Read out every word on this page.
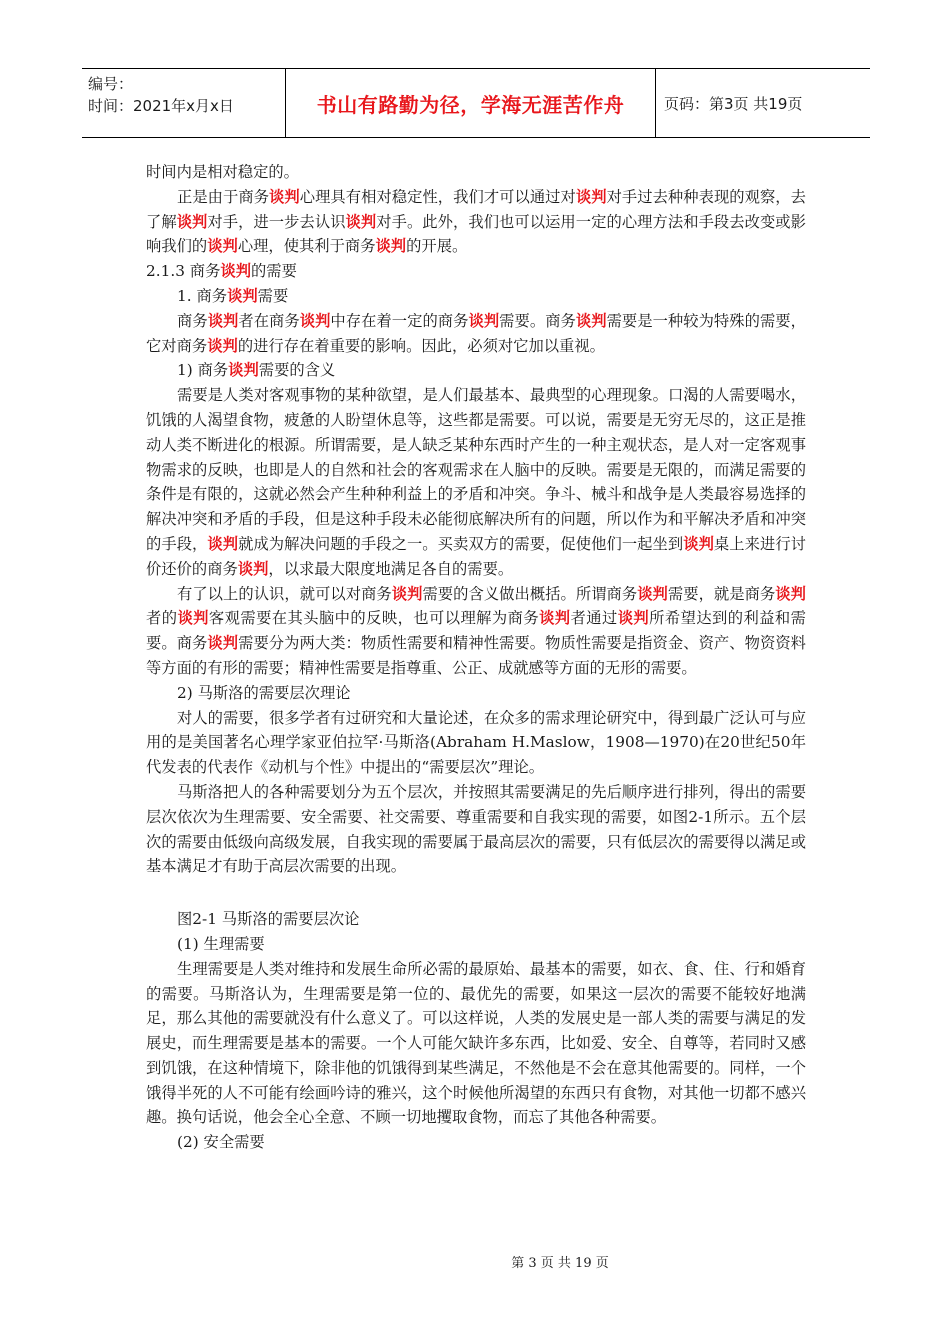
编号：
时间：2021年x月x日	书山有路勤为径，学海无涯苦作舟	页码：第3页 共19页
时间内是相对稳定的。
正是由于商务谈判心理具有相对稳定性，我们才可以通过对谈判对手过去种种表现的观察，去了解谈判对手，进一步去认识谈判对手。此外，我们也可以运用一定的心理方法和手段去改变或影响我们的谈判心理，使其利于商务谈判的开展。
2.1.3 商务谈判的需要
1. 商务谈判需要
商务谈判者在商务谈判中存在着一定的商务谈判需要。商务谈判需要是一种较为特殊的需要，它对商务谈判的进行存在着重要的影响。因此，必须对它加以重视。
1) 商务谈判需要的含义
需要是人类对客观事物的某种欲望，是人们最基本、最典型的心理现象。口渴的人需要喝水，饥饿的人渴望食物，疲惫的人盼望休息等，这些都是需要。可以说，需要是无穷无尽的，这正是推动人类不断进化的根源。所谓需要，是人缺乏某种东西时产生的一种主观状态，是人对一定客观事物需求的反映，也即是人的自然和社会的客观需求在人脑中的反映。需要是无限的，而满足需要的条件是有限的，这就必然会产生种种利益上的矛盾和冲突。争斗、械斗和战争是人类最容易选择的解决冲突和矛盾的手段，但是这种手段未必能彻底解决所有的问题，所以作为和平解决矛盾和冲突的手段，谈判就成为解决问题的手段之一。买卖双方的需要，促使他们一起坐到谈判桌上来进行讨价还价的商务谈判，以求最大限度地满足各自的需要。
有了以上的认识，就可以对商务谈判需要的含义做出概括。所谓商务谈判需要，就是商务谈判者的谈判客观需要在其头脑中的反映，也可以理解为商务谈判者通过谈判所希望达到的利益和需要。商务谈判需要分为两大类：物质性需要和精神性需要。物质性需要是指资金、资产、物资资料等方面的有形的需要；精神性需要是指尊重、公正、成就感等方面的无形的需要。
2) 马斯洛的需要层次理论
对人的需要，很多学者有过研究和大量论述，在众多的需求理论研究中，得到最广泛认可与应用的是美国著名心理学家亚伯拉罕·马斯洛(Abraham H.Maslow，1908—1970)在20世纪50年代发表的代表作《动机与个性》中提出的“需要层次”理论。
马斯洛把人的各种需要划分为五个层次，并按照其需要满足的先后顺序进行排列，得出的需要层次依次为生理需要、安全需要、社交需要、尊重需要和自我实现的需要，如图2-1所示。五个层次的需要由低级向高级发展，自我实现的需要属于最高层次的需要，只有低层次的需要得以满足或基本满足才有助于高层次需要的出现。
图2-1 马斯洛的需要层次论
(1) 生理需要
生理需要是人类对维持和发展生命所必需的最原始、最基本的需要，如衣、食、住、行和婚育的需要。马斯洛认为，生理需要是第一位的、最优先的需要，如果这一层次的需要不能较好地满足，那么其他的需要就没有什么意义了。可以这样说，人类的发展史是一部人类的需要与满足的发展史，而生理需要是基本的需要。一个人可能欠缺许多东西，比如爱、安全、自尊等，若同时又感到饥饿，在这种情境下，除非他的饥饿得到某些满足，不然他是不会在意其他需要的。同样，一个饿得半死的人不可能有绘画吟诗的雅兴，这个时候他所渴望的东西只有食物，对其他一切都不感兴趣。换句话说，他会全心全意、不顾一切地攫取食物，而忘了其他各种需要。
(2) 安全需要
第 3 页 共 19 页
